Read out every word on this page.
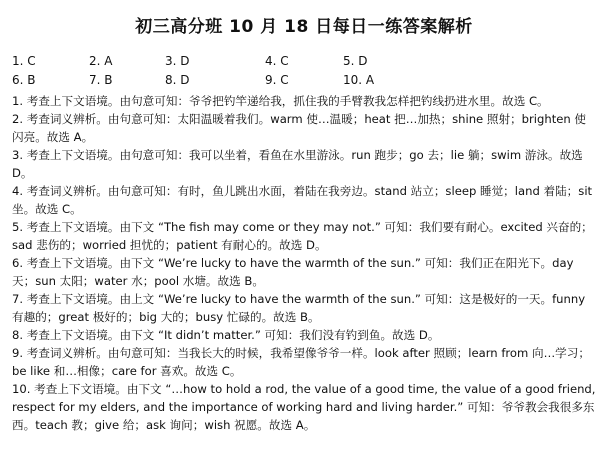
初三高分班 10 月 18 日每日一练答案解析
1. C	2. A	3. D	4. C	5. D
6. B	7. B	8. D	9. C	10. A

1. 考查上下文语境。由句意可知：爷爷把钓竿递给我，抓住我的手臂教我怎样把钓线扔进水里。故选 C。

2. 考查词义辨析。由句意可知：太阳温暖着我们。warm 使…温暖；heat 把…加热；shine 照射；brighten 使闪亮。故选 A。

3. 考查上下文语境。由句意可知：我可以坐着，看鱼在水里游泳。run 跑步；go 去；lie 躺；swim 游泳。故选 D。

4. 考查词义辨析。由句意可知：有时，鱼儿跳出水面，着陆在我旁边。stand 站立；sleep 睡觉；land 着陆；sit 坐。故选 C。

5. 考查上下文语境。由下文 “The fish may come or they may not.” 可知：我们要有耐心。excited 兴奋的；sad 悲伤的；worried 担忧的；patient 有耐心的。故选 D。

6. 考查上下文语境。由下文 “We’re lucky to have the warmth of the sun.” 可知：我们正在阳光下。day 天；sun 太阳；water 水；pool 水塘。故选 B。

7. 考查上下文语境。由上文 “We’re lucky to have the warmth of the sun.” 可知：这是极好的一天。funny 有趣的；great 极好的；big 大的；busy 忙碌的。故选 B。

8. 考查上下文语境。由下文 “It didn’t matter.” 可知：我们没有钓到鱼。故选 D。

9. 考查词义辨析。由句意可知：当我长大的时候，我希望像爷爷一样。look after 照顾；learn from 向…学习；be like 和…相像；care for 喜欢。故选 C。

10. 考查上下文语境。由下文 “…how to hold a rod, the value of a good time, the value of a good friend, respect for my elders, and the importance of working hard and living harder.” 可知：爷爷教会我很多东西。teach 教；give 给；ask 询问；wish 祝愿。故选 A。
